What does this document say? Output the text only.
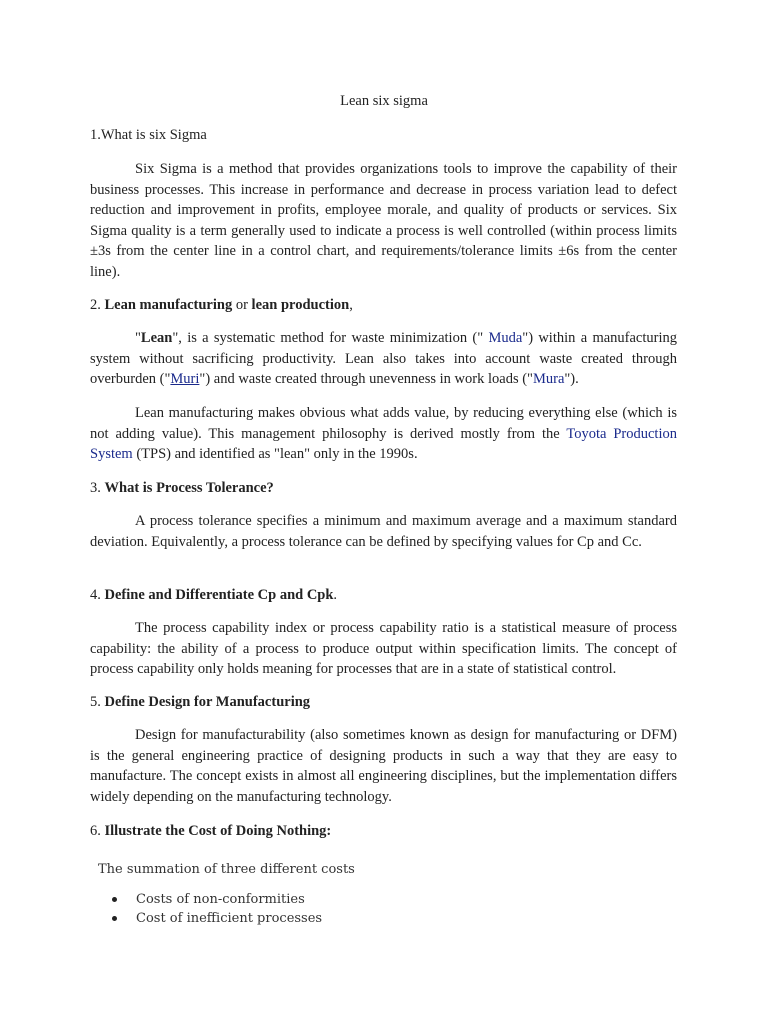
Lean six sigma
1.What is six Sigma
Six Sigma is a method that provides organizations tools to improve the capability of their business processes. This increase in performance and decrease in process variation lead to defect reduction and improvement in profits, employee morale, and quality of products or services. Six Sigma quality is a term generally used to indicate a process is well controlled (within process limits ±3s from the center line in a control chart, and requirements/tolerance limits ±6s from the center line).
2. Lean manufacturing or lean production,
"Lean", is a systematic method for waste minimization (" Muda") within a manufacturing system without sacrificing productivity. Lean also takes into account waste created through overburden ("Muri") and waste created through unevenness in work loads ("Mura").
Lean manufacturing makes obvious what adds value, by reducing everything else (which is not adding value). This management philosophy is derived mostly from the Toyota Production System (TPS) and identified as "lean" only in the 1990s.
3. What is Process Tolerance?
A process tolerance specifies a minimum and maximum average and a maximum standard deviation. Equivalently, a process tolerance can be defined by specifying values for Cp and Cc.
4. Define and Differentiate Cp and Cpk.
The process capability index or process capability ratio is a statistical measure of process capability: the ability of a process to produce output within specification limits. The concept of process capability only holds meaning for processes that are in a state of statistical control.
5. Define Design for Manufacturing
Design for manufacturability (also sometimes known as design for manufacturing or DFM) is the general engineering practice of designing products in such a way that they are easy to manufacture. The concept exists in almost all engineering disciplines, but the implementation differs widely depending on the manufacturing technology.
6. Illustrate the Cost of Doing Nothing:
The summation of three different costs
Costs of non-conformities
Cost of inefficient processes
